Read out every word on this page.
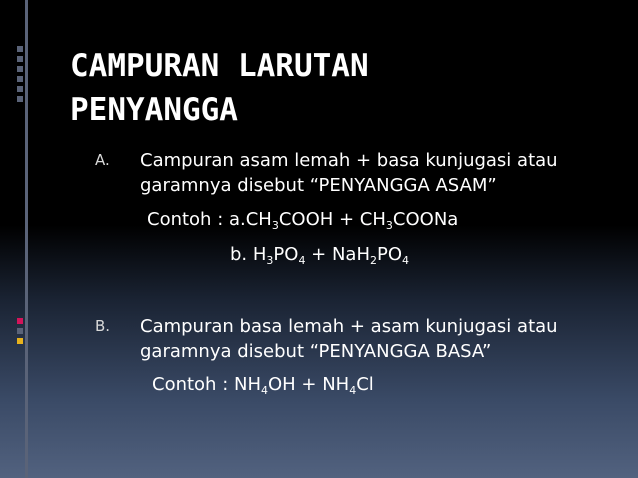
CAMPURAN LARUTAN
PENYANGGA
A. Campuran asam lemah + basa kunjugasi atau
garamnya disebut “PENYANGGA ASAM”
Contoh : $a.CH_3COOH$ + $CH_3COONa$
b. $H_3PO_4 + NaH_2PO_4$
B. Campuran basa lemah + asam kunjugasi atau
garamnya disebut “PENYANGGA BASA”
Contoh : $NH_4OH + NH_4Cl$
